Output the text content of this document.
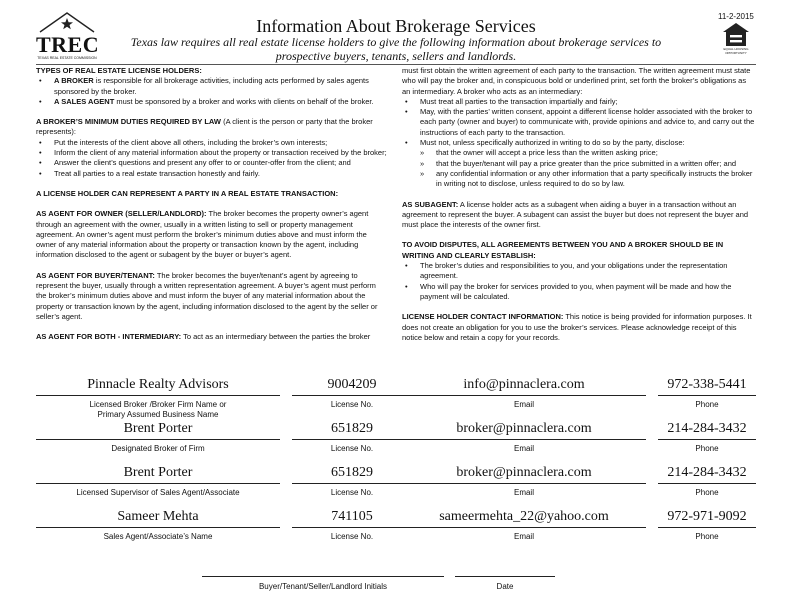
TREC
TEXAS REAL ESTATE COMMISSION
Information About Brokerage Services
Texas law requires all real estate license holders to give the following information about brokerage services to prospective buyers, tenants, sellers and landlords.
11-2-2015
EQUAL HOUSING OPPORTUNITY

TYPES OF REAL ESTATE LICENSE HOLDERS:

• A BROKER is responsible for all brokerage activities, including acts performed by sales agents sponsored by the broker.

• A SALES AGENT must be sponsored by a broker and works with clients on behalf of the broker.

A BROKER’S MINIMUM DUTIES REQUIRED BY LAW (A client is the person or party that the broker represents):

• Put the interests of the client above all others, including the broker’s own interests;

• Inform the client of any material information about the property or transaction received by the broker;

• Answer the client’s questions and present any offer to or counter-offer from the client; and

• Treat all parties to a real estate transaction honestly and fairly.

A LICENSE HOLDER CAN REPRESENT A PARTY IN A REAL ESTATE TRANSACTION:

AS AGENT FOR OWNER (SELLER/LANDLORD): The broker becomes the property owner’s agent through an agreement with the owner, usually in a written listing to sell or property management agreement. An owner’s agent must perform the broker’s minimum duties above and must inform the owner of any material information about the property or transaction known by the agent, including information disclosed to the agent or subagent by the buyer or buyer’s agent.

AS AGENT FOR BUYER/TENANT: The broker becomes the buyer/tenant’s agent by agreeing to represent the buyer, usually through a written representation agreement. A buyer’s agent must perform the broker’s minimum duties above and must inform the buyer of any material information about the property or transaction known by the agent, including information disclosed to the agent by the seller or seller’s agent.

AS AGENT FOR BOTH - INTERMEDIARY: To act as an intermediary between the parties the broker

must first obtain the written agreement of each party to the transaction. The written agreement must state who will pay the broker and, in conspicuous bold or underlined print, set forth the broker’s obligations as an intermediary. A broker who acts as an intermediary:

• Must treat all parties to the transaction impartially and fairly;

• May, with the parties’ written consent, appoint a different license holder associated with the broker to each party (owner and buyer) to communicate with, provide opinions and advice to, and carry out the instructions of each party to the transaction.

• Must not, unless specifically authorized in writing to do so by the party, disclose:

» that the owner will accept a price less than the written asking price;

» that the buyer/tenant will pay a price greater than the price submitted in a written offer; and

» any confidential information or any other information that a party specifically instructs the broker in writing not to disclose, unless required to do so by law.

AS SUBAGENT: A license holder acts as a subagent when aiding a buyer in a transaction without an agreement to represent the buyer. A subagent can assist the buyer but does not represent the buyer and must place the interests of the owner first.

TO AVOID DISPUTES, ALL AGREEMENTS BETWEEN YOU AND A BROKER SHOULD BE IN WRITING AND CLEARLY ESTABLISH:

• The broker’s duties and responsibilities to you, and your obligations under the representation agreement.

• Who will pay the broker for services provided to you, when payment will be made and how the payment will be calculated.

LICENSE HOLDER CONTACT INFORMATION: This notice is being provided for information purposes. It does not create an obligation for you to use the broker’s services. Please acknowledge receipt of this notice below and retain a copy for your records.

Pinnacle Realty Advisors
Licensed Broker /Broker Firm Name or
Primary Assumed Business Name
9004209
License No.
info@pinnaclera.com
Email
972-338-5441
Phone
Brent Porter
Designated Broker of Firm
651829
License No.
broker@pinnaclera.com
Email
214-284-3432
Phone
Brent Porter
Licensed Supervisor of Sales Agent/Associate
651829
License No.
broker@pinnaclera.com
Email
214-284-3432
Phone
Sameer Mehta
Sales Agent/Associate’s Name
741105
License No.
sameermehta_22@yahoo.com
Email
972-971-9092
Phone
Buyer/Tenant/Seller/Landlord Initials	Date
